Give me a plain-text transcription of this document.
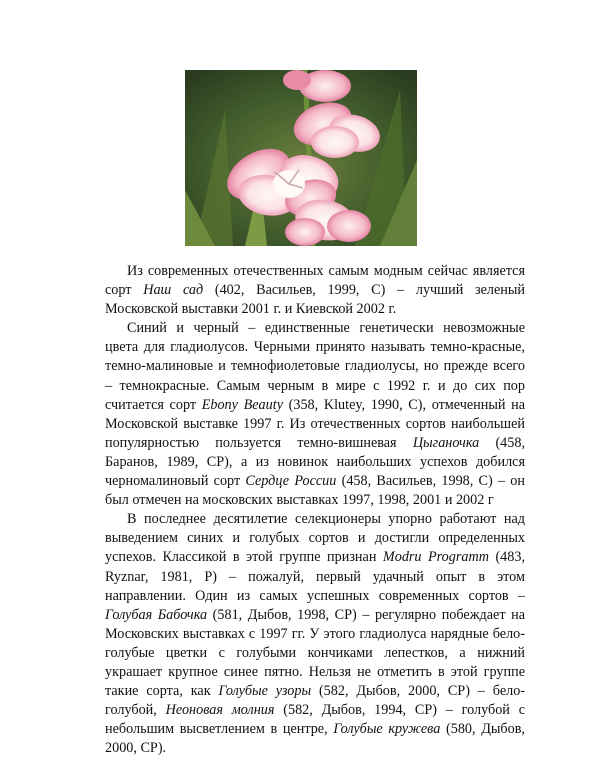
Из современных отечественных самым модным сейчас является сорт Наш сад (402, Васильев, 1999, С) – лучший зеленый Московской выставки 2001 г. и Киевской 2002 г.

Синий и черный – единственные генетически невозможные цвета для гладиолусов. Черными принято называть темно-красные, темно-малиновые и темнофиолетовые гладиолусы, но прежде всего – темнокрасные. Самым черным в мире с 1992 г. и до сих пор считается сорт Ebony Beauty (358, Klutey, 1990, С), отмеченный на Московской выставке 1997 г. Из отечественных сортов наибольшей популярностью пользуется темно-вишневая Цыганочка (458, Баранов, 1989, СР), а из новинок наибольших успехов добился черномалиновый сорт Сердце России (458, Васильев, 1998, С) – он был отмечен на московских выставках 1997, 1998, 2001 и 2002 г

В последнее десятилетие селекционеры упорно работают над выведением синих и голубых сортов и достигли определенных успехов. Классикой в этой группе признан Modru Programm (483, Ryznar, 1981, Р) – пожалуй, первый удачный опыт в этом направлении. Один из самых успешных современных сортов – Голубая Бабочка (581, Дыбов, 1998, СР) – регулярно побеждает на Московских выставках с 1997 гг. У этого гладиолуса нарядные бело-голубые цветки с голубыми кончиками лепестков, а нижний украшает крупное синее пятно. Нельзя не отметить в этой группе такие сорта, как Голубые узоры (582, Дыбов, 2000, СР) – бело-голубой, Неоновая молния (582, Дыбов, 1994, СР) – голубой с небольшим высветлением в центре, Голубые кружева (580, Дыбов, 2000, СР).
